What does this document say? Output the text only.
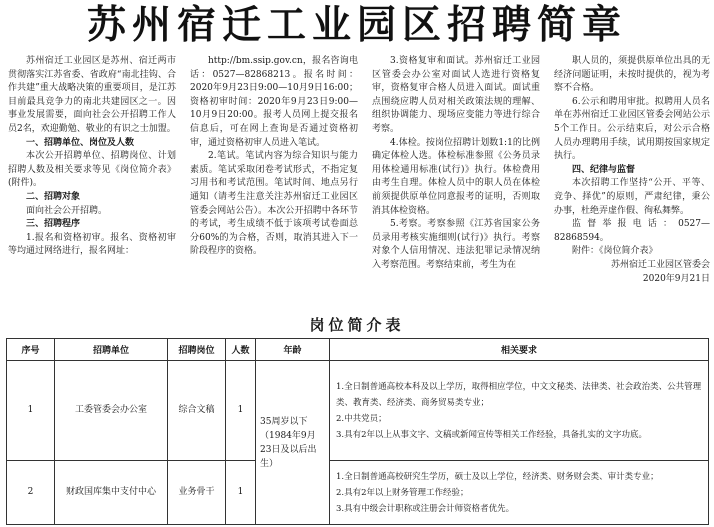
苏州宿迁工业园区招聘简章

苏州宿迁工业园区是苏州、宿迁两市贯彻落实江苏省委、省政府“南北挂钩、合作共建”重大战略决策的重要项目，是江苏目前最具竞争力的南北共建园区之一。因事业发展需要，面向社会公开招聘工作人员2名，欢迎勤勉、敬业的有识之士加盟。

一、招聘单位、岗位及人数

本次公开招聘单位、招聘岗位、计划招聘人数及相关要求等见《岗位简介表》(附件)。

二、招聘对象

面向社会公开招聘。

三、招聘程序

1.报名和资格初审。报名、资格初审等均通过网络进行，报名网址：

http://bm.ssip.gov.cn，报名咨询电话：0527—82868213。报名时间：2020年9月23日9:00—10月9日16:00；资格初审时间：2020年9月23日9:00—10月9日20:00。报考人员网上提交报名信息后，可在网上查询是否通过资格初审，通过资格初审人员进入笔试。

2.笔试。笔试内容为综合知识与能力素质。笔试采取闭卷考试形式，不指定复习用书和考试范围。笔试时间、地点另行通知（请考生注意关注苏州宿迁工业园区管委会网站公告）。本次公开招聘中各环节的考试，考生成绩不低于该项考试卷面总分60%的为合格，否则，取消其进入下一阶段程序的资格。

3.资格复审和面试。苏州宿迁工业园区管委会办公室对面试人选进行资格复审，资格复审合格人员进入面试。面试重点围绕应聘人员对相关政策法规的理解、组织协调能力、现场应变能力等进行综合考察。

4.体检。按岗位招聘计划数1:1的比例确定体检人选。体检标准参照《公务员录用体检通用标准(试行)》执行。体检费用由考生自理。体检人员中的职人员在体检前须提供原单位同意报考的证明，否则取消其体检资格。

5.考察。考察参照《江苏省国家公务员录用考核实施细则(试行)》执行。考察对象个人信用情况、违法犯罪记录情况纳入考察范围。考察结束前，考生为在

职人员的，须提供原单位出具的无经济问题证明，未按时提供的，视为考察不合格。

6.公示和聘用审批。拟聘用人员名单在苏州宿迁工业园区管委会网站公示5个工作日。公示结束后，对公示合格人员办理聘用手续，试用期按国家规定执行。

四、纪律与监督

本次招聘工作坚持“公开、平等、竞争、择优”的原则，严肃纪律，秉公办事，杜绝弄虚作假、徇私舞弊。

监督举报电话：0527—82868594。

附件：《岗位简介表》

苏州宿迁工业园区管委会

2020年9月21日

岗位简介表
序号	招聘单位	招聘岗位	人数	年龄	相关要求
1	工委管委会办公室	综合文稿	1	35周岁以下（1984年9月23日及以后出生）	1.全日制普通高校本科及以上学历，取得相应学位，中文文秘类、法律类、社会政治类、公共管理类、教育类、经济类、商务贸易类专业；
2.中共党员；
3.具有2年以上从事文字、文稿或新闻宣传等相关工作经验，具备扎实的文字功底。

2	财政国库集中支付中心	业务骨干	1		1.全日制普通高校研究生学历，硕士及以上学位，经济类、财务财会类、审计类专业；
2.具有2年以上财务管理工作经验；
3.具有中级会计职称或注册会计师资格者优先。
